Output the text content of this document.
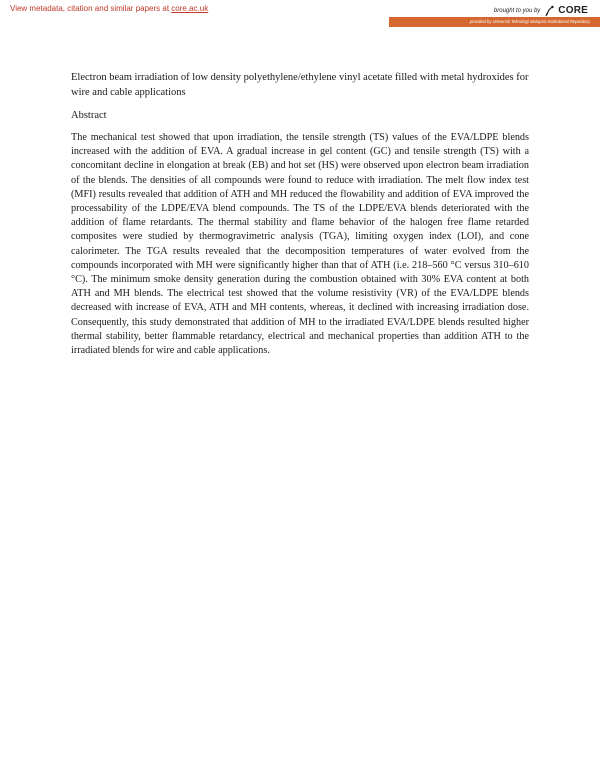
View metadata, citation and similar papers at core.ac.uk	brought to you by CORE
provided by Universiti Teknologi Malaysia Institutional Repository
Electron beam irradiation of low density polyethylene/ethylene vinyl acetate filled with metal hydroxides for wire and cable applications
Abstract

The mechanical test showed that upon irradiation, the tensile strength (TS) values of the EVA/LDPE blends increased with the addition of EVA. A gradual increase in gel content (GC) and tensile strength (TS) with a concomitant decline in elongation at break (EB) and hot set (HS) were observed upon electron beam irradiation of the blends. The densities of all compounds were found to reduce with irradiation. The melt flow index test (MFI) results revealed that addition of ATH and MH reduced the flowability and addition of EVA improved the processability of the LDPE/EVA blend compounds. The TS of the LDPE/EVA blends deteriorated with the addition of flame retardants. The thermal stability and flame behavior of the halogen free flame retarded composites were studied by thermogravimetric analysis (TGA), limiting oxygen index (LOI), and cone calorimeter. The TGA results revealed that the decomposition temperatures of water evolved from the compounds incorporated with MH were significantly higher than that of ATH (i.e. 218–560 °C versus 310–610 °C). The minimum smoke density generation during the combustion obtained with 30% EVA content at both ATH and MH blends. The electrical test showed that the volume resistivity (VR) of the EVA/LDPE blends decreased with increase of EVA, ATH and MH contents, whereas, it declined with increasing irradiation dose. Consequently, this study demonstrated that addition of MH to the irradiated EVA/LDPE blends resulted higher thermal stability, better flammable retardancy, electrical and mechanical properties than addition ATH to the irradiated blends for wire and cable applications.
